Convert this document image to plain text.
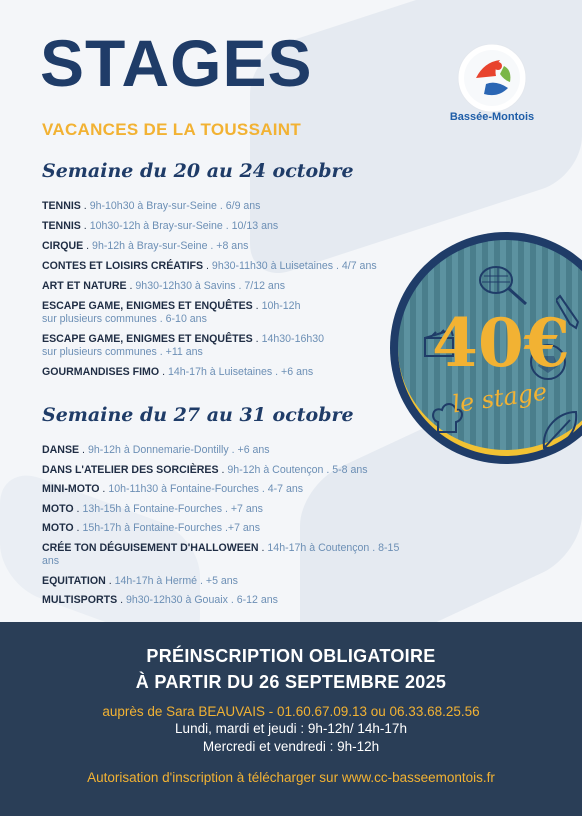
STAGES
VACANCES DE LA TOUSSAINT
Bassée-Montois
Semaine du 20 au 24 octobre
TENNIS . 9h-10h30 à Bray-sur-Seine . 6/9 ans
TENNIS . 10h30-12h à Bray-sur-Seine . 10/13 ans
CIRQUE . 9h-12h à Bray-sur-Seine . +8 ans
CONTES ET LOISIRS CRÉATIFS . 9h30-11h30 à Luisetaines . 4/7 ans
ART ET NATURE . 9h30-12h30 à Savins . 7/12 ans
ESCAPE GAME, ENIGMES ET ENQUÊTES . 10h-12h
sur plusieurs communes . 6-10 ans
ESCAPE GAME, ENIGMES ET ENQUÊTES . 14h30-16h30
sur plusieurs communes . +11 ans
GOURMANDISES FIMO . 14h-17h à Luisetaines . +6 ans
Semaine du 27 au 31 octobre
DANSE . 9h-12h à Donnemarie-Dontilly . +6 ans
DANS L'ATELIER DES SORCIÈRES . 9h-12h à Coutençon . 5-8 ans
MINI-MOTO . 10h-11h30 à Fontaine-Fourches . 4-7 ans
MOTO . 13h-15h à Fontaine-Fourches . +7 ans
MOTO . 15h-17h à Fontaine-Fourches .+7 ans
CRÉE TON DÉGUISEMENT D'HALLOWEEN . 14h-17h à Coutençon . 8-15 ans
EQUITATION . 14h-17h à Hermé . +5 ans
MULTISPORTS . 9h30-12h30 à Gouaix . 6-12 ans
40€
le stage

PRÉINSCRIPTION OBLIGATOIRE

À PARTIR DU 26 SEPTEMBRE 2025

auprès de Sara BEAUVAIS - 01.60.67.09.13 ou 06.33.68.25.56

Lundi, mardi et jeudi : 9h-12h/ 14h-17h

Mercredi et vendredi : 9h-12h

Autorisation d'inscription à télécharger sur www.cc-basseemontois.fr
